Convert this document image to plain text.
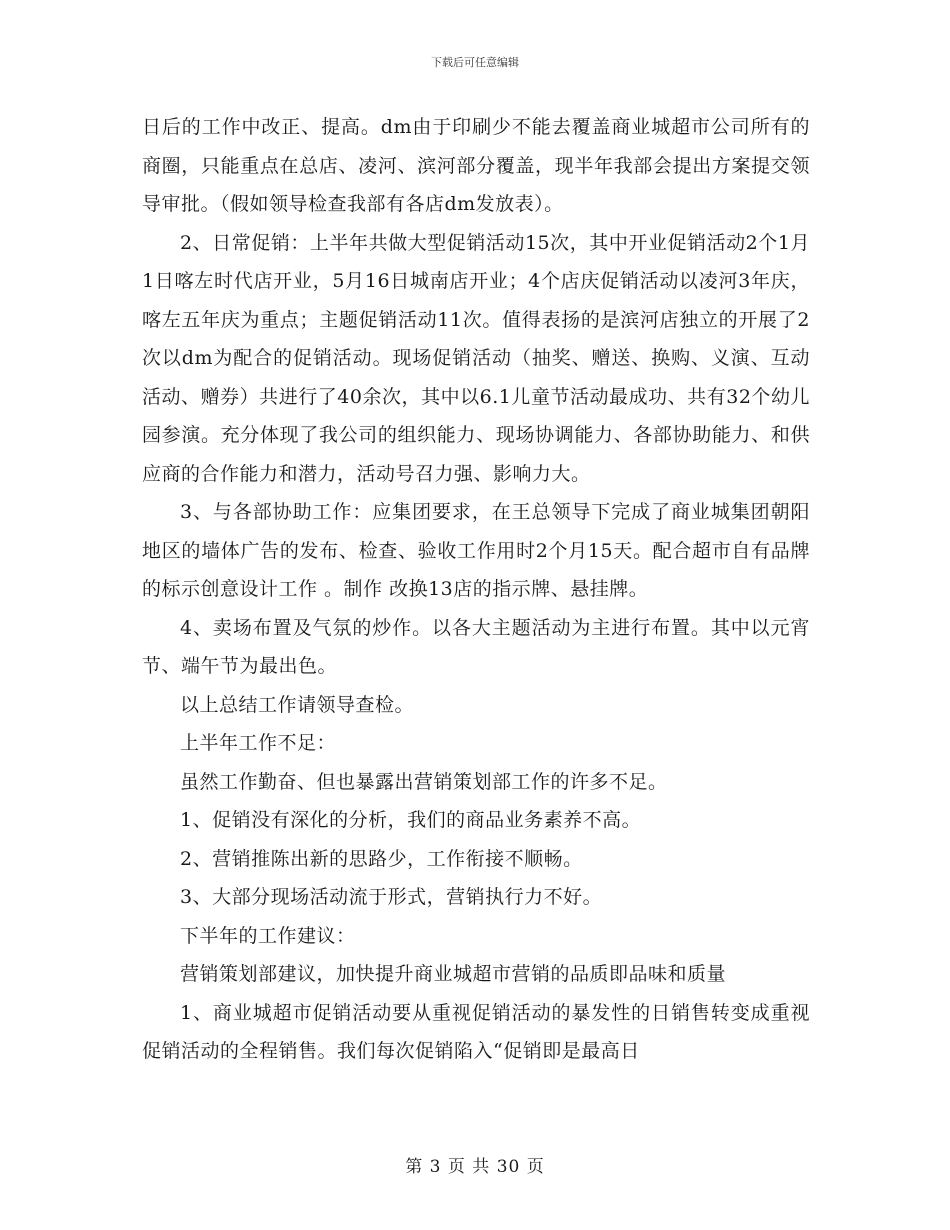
下载后可任意编辑

日后的工作中改正、提高。dm由于印刷少不能去覆盖商业城超市公司所有的商圈，只能重点在总店、凌河、滨河部分覆盖，现半年我部会提出方案提交领导审批。（假如领导检查我部有各店dm发放表）。

2、日常促销：上半年共做大型促销活动15次，其中开业促销活动2个1月1日喀左时代店开业，5月16日城南店开业；4个店庆促销活动以凌河3年庆，喀左五年庆为重点；主题促销活动11次。值得表扬的是滨河店独立的开展了2次以dm为配合的促销活动。现场促销活动（抽奖、赠送、换购、义演、互动活动、赠券）共进行了40余次，其中以6.1儿童节活动最成功、共有32个幼儿园参演。充分体现了我公司的组织能力、现场协调能力、各部协助能力、和供应商的合作能力和潜力，活动号召力强、影响力大。

3、与各部协助工作：应集团要求，在王总领导下完成了商业城集团朝阳地区的墙体广告的发布、检查、验收工作用时2个月15天。配合超市自有品牌的标示创意设计工作 。制作 改换13店的指示牌、悬挂牌。

4、卖场布置及气氛的炒作。以各大主题活动为主进行布置。其中以元宵节、端午节为最出色。

以上总结工作请领导查检。

上半年工作不足：

虽然工作勤奋、但也暴露出营销策划部工作的许多不足。

1、促销没有深化的分析，我们的商品业务素养不高。

2、营销推陈出新的思路少，工作衔接不顺畅。

3、大部分现场活动流于形式，营销执行力不好。

下半年的工作建议：

营销策划部建议，加快提升商业城超市营销的品质即品味和质量

1、商业城超市促销活动要从重视促销活动的暴发性的日销售转变成重视促销活动的全程销售。我们每次促销陷入“促销即是最高日

第 3 页 共 30 页
